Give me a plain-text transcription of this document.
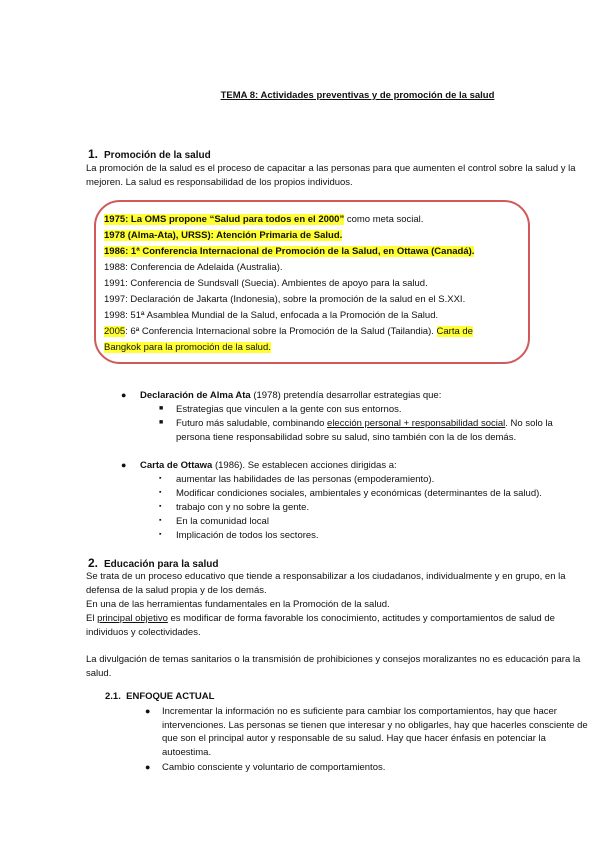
TEMA 8: Actividades preventivas y de promoción de la salud
1. Promoción de la salud
La promoción de la salud es el proceso de capacitar a las personas para que aumenten el control sobre la salud y la mejoren. La salud es responsabilidad de los propios individuos.
1975: La OMS propone “Salud para todos en el 2000” como meta social.
1978 (Alma-Ata), URSS): Atención Primaria de Salud.
1986: 1ª Conferencia Internacional de Promoción de la Salud, en Ottawa (Canadá).
1988: Conferencia de Adelaida (Australia).
1991: Conferencia de Sundsvall (Suecia). Ambientes de apoyo para la salud.
1997: Declaración de Jakarta (Indonesia), sobre la promoción de la salud en el S.XXI.
1998: 51ª Asamblea Mundial de la Salud, enfocada a la Promoción de la Salud.
2005: 6ª Conferencia Internacional sobre la Promoción de la Salud (Tailandia). Carta de
Bangkok para la promoción de la salud.
● Declaración de Alma Ata (1978) pretendía desarrollar estrategias que:
■ Estrategias que vinculen a la gente con sus entornos.
■ Futuro más saludable, combinando elección personal + responsabilidad social. No solo la
persona tiene responsabilidad sobre su salud, sino también con la de los demás.
● Carta de Ottawa (1986). Se establecen acciones dirigidas a:
▪ aumentar las habilidades de las personas (empoderamiento).
▪ Modificar condiciones sociales, ambientales y económicas (determinantes de la salud).
▪ trabajo con y no sobre la gente.
▪ En la comunidad local
▪ Implicación de todos los sectores.
2. Educación para la salud
Se trata de un proceso educativo que tiende a responsabilizar a los ciudadanos, individualmente y en grupo, en la defensa de la salud propia y de los demás.
En una de las herramientas fundamentales en la Promoción de la salud.
El principal objetivo es modificar de forma favorable los conocimiento, actitudes y comportamientos de salud de individuos y colectividades.
La divulgación de temas sanitarios o la transmisión de prohibiciones y consejos moralizantes no es educación para la salud.
2.1. ENFOQUE ACTUAL
● Incrementar la información no es suficiente para cambiar los comportamientos, hay que hacer intervenciones. Las personas se tienen que interesar y no obligarles, hay que hacerles consciente de que son el principal autor y responsable de su salud. Hay que hacer énfasis en potenciar la autoestima.
● Cambio consciente y voluntario de comportamientos.
